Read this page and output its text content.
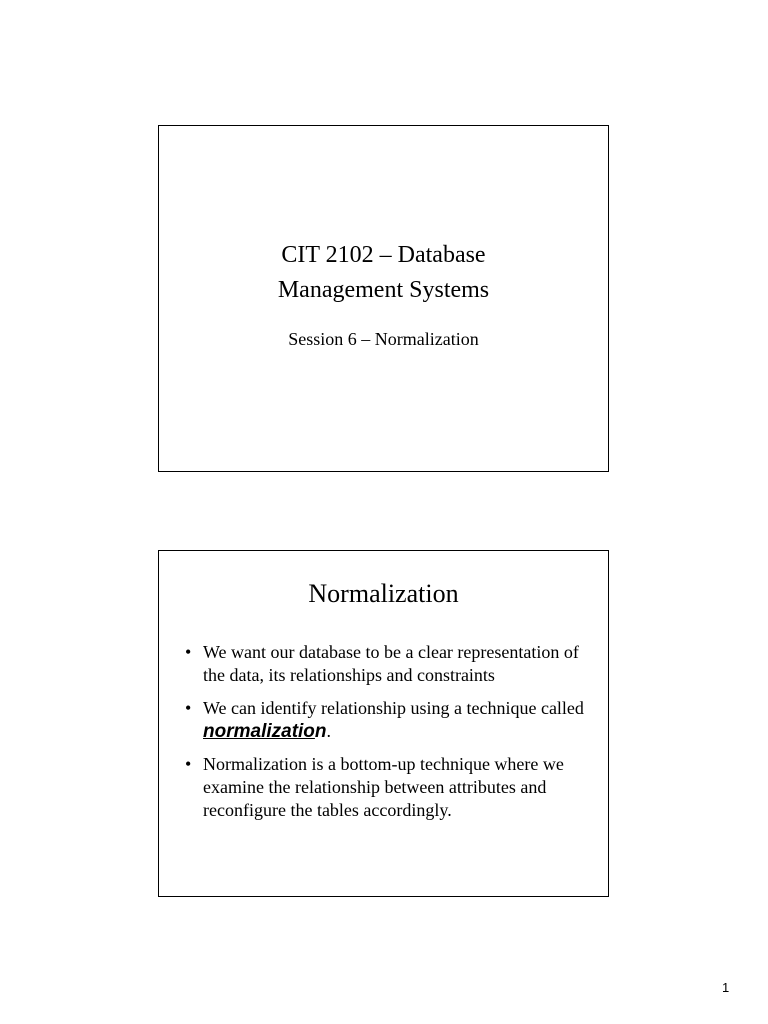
CIT 2102 – Database
Management Systems
Session 6 – Normalization
Normalization
• We want our database to be a clear representation of the data, its relationships and constraints
• We can identify relationship using a technique called normalization.
• Normalization is a bottom-up technique where we examine the relationship between attributes and reconfigure the tables accordingly.
1
